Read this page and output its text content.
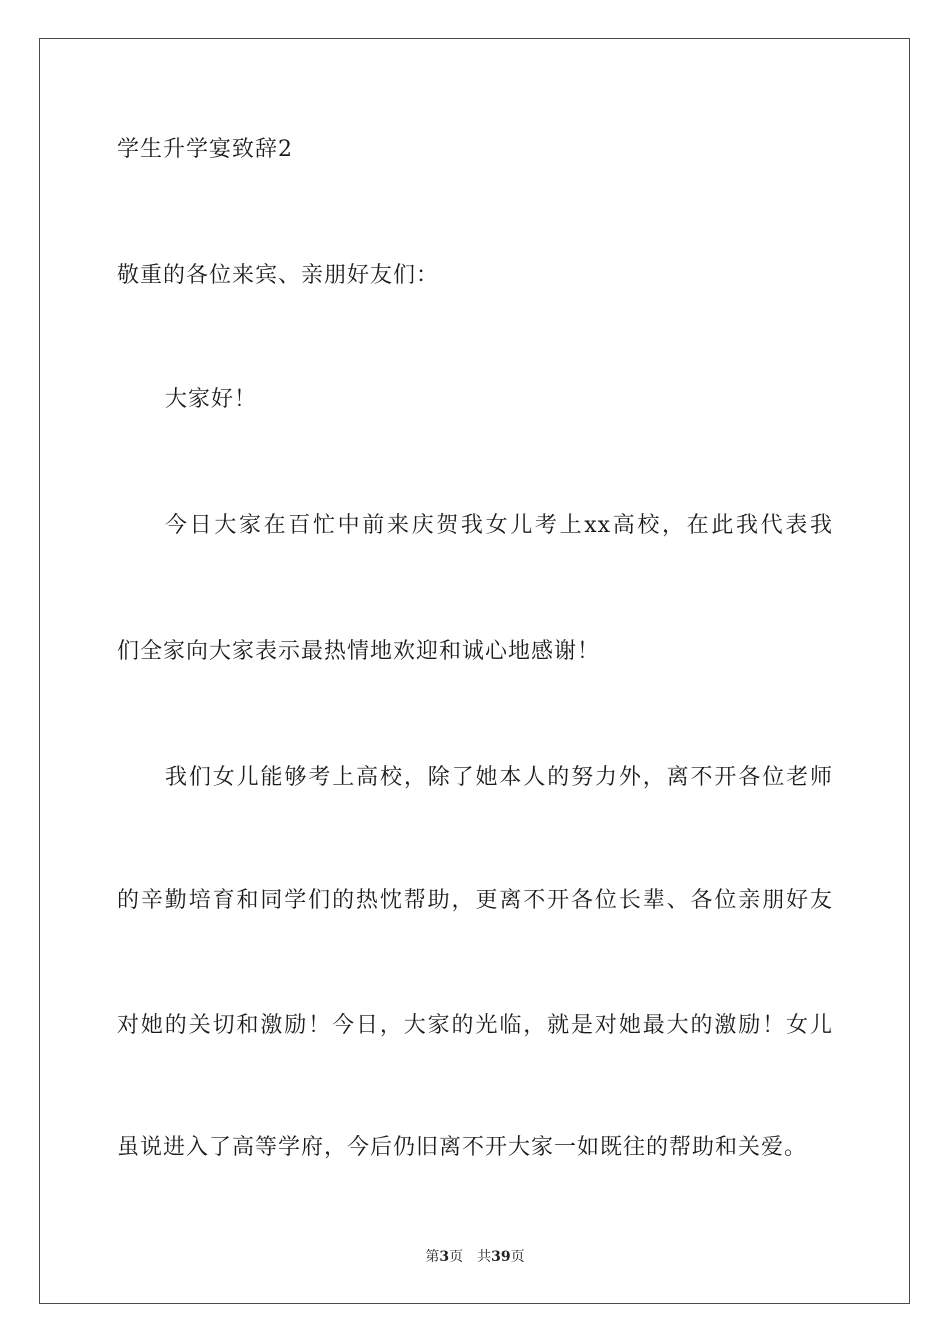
学生升学宴致辞2
敬重的各位来宾、亲朋好友们：
大家好！
今日大家在百忙中前来庆贺我女儿考上xx高校，在此我代表我
们全家向大家表示最热情地欢迎和诚心地感谢！
我们女儿能够考上高校，除了她本人的努力外，离不开各位老师
的辛勤培育和同学们的热忱帮助，更离不开各位长辈、各位亲朋好友
对她的关切和激励！今日，大家的光临，就是对她最大的激励！女儿
虽说进入了高等学府，今后仍旧离不开大家一如既往的帮助和关爱。
第3页 共39页
